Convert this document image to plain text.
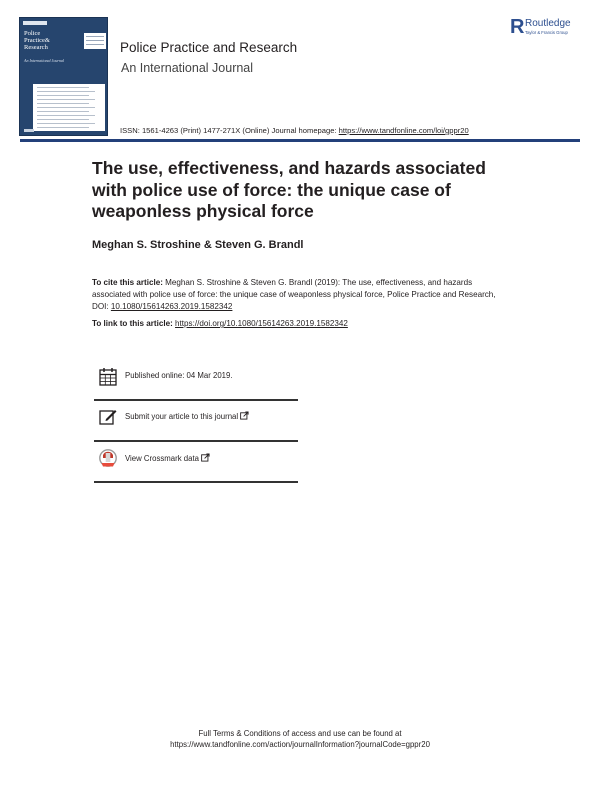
Police
Practice&
Research
An International Journal
Police Practice and Research
An International Journal
ISSN: 1561-4263 (Print) 1477-271X (Online) Journal homepage: https://www.tandfonline.com/loi/gppr20
R Routledge
Taylor & Francis Group
The use, effectiveness, and hazards associated with police use of force: the unique case of weaponless physical force
Meghan S. Stroshine & Steven G. Brandl
To cite this article: Meghan S. Stroshine & Steven G. Brandl (2019): The use, effectiveness, and hazards associated with police use of force: the unique case of weaponless physical force, Police Practice and Research, DOI: 10.1080/15614263.2019.1582342
To link to this article: https://doi.org/10.1080/15614263.2019.1582342
Published online: 04 Mar 2019.
Submit your article to this journal
View Crossmark data
Full Terms & Conditions of access and use can be found at
https://www.tandfonline.com/action/journalInformation?journalCode=gppr20
